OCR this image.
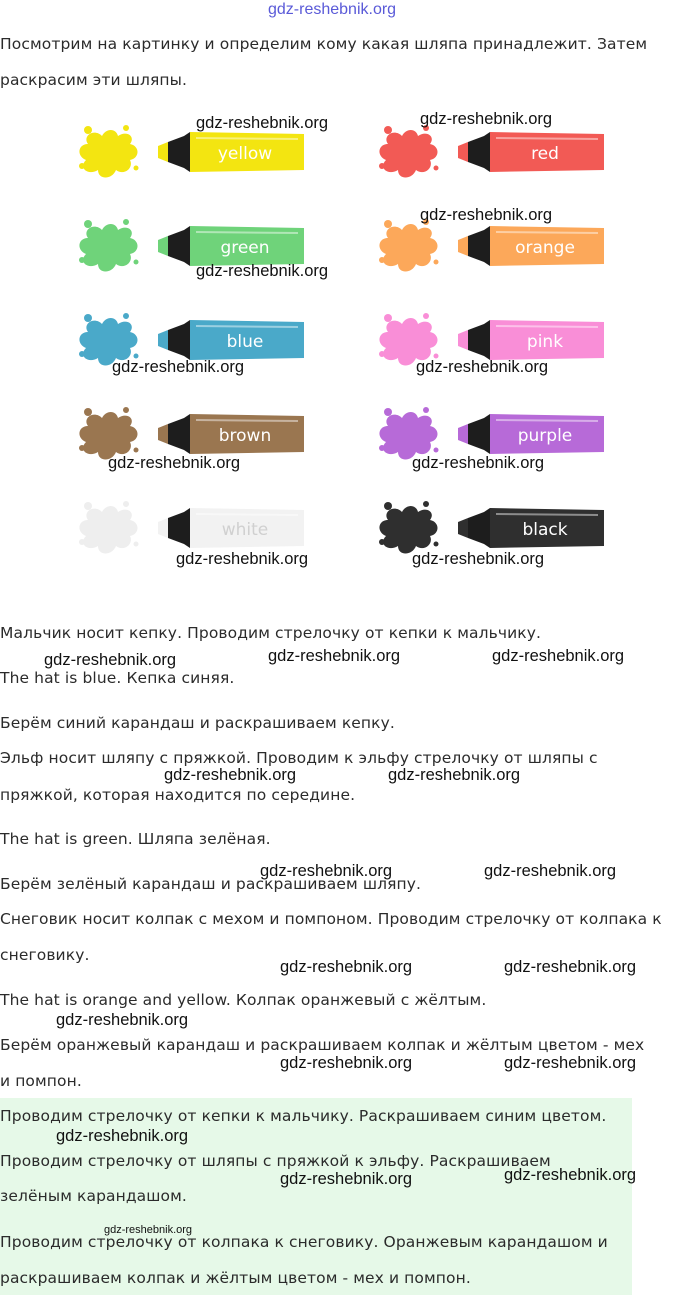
gdz-reshebnik.org
Посмотрим на картинку и определим кому какая шляпа принадлежит. Затем
раскрасим эти шляпы.
yellow	red
green	orange
blue	pink
brown	purple
white	black
Мальчик носит кепку. Проводим стрелочку от кепки к мальчику.
The hat is blue. Кепка синяя.
Берём синий карандаш и раскрашиваем кепку.
Эльф носит шляпу с пряжкой. Проводим к эльфу стрелочку от шляпы с
пряжкой, которая находится по середине.
The hat is green. Шляпа зелёная.
Берём зелёный карандаш и раскрашиваем шляпу.
Снеговик носит колпак с мехом и помпоном. Проводим стрелочку от колпака к
снеговику.
The hat is orange and yellow. Колпак оранжевый с жёлтым.
Берём оранжевый карандаш и раскрашиваем колпак и жёлтым цветом - мех
и помпон.
Проводим стрелочку от кепки к мальчику. Раскрашиваем синим цветом.
Проводим стрелочку от шляпы с пряжкой к эльфу. Раскрашиваем
зелёным карандашом.
Проводим стрелочку от колпака к снеговику. Оранжевым карандашом и
раскрашиваем колпак и жёлтым цветом - мех и помпон.
gdz-reshebnik.org	gdz-reshebnik.org
gdz-reshebnik.org
gdz-reshebnik.org
gdz-reshebnik.org	gdz-reshebnik.org
gdz-reshebnik.org	gdz-reshebnik.org
gdz-reshebnik.org	gdz-reshebnik.org
gdz-reshebnik.org	gdz-reshebnik.org	gdz-reshebnik.org
gdz-reshebnik.org	gdz-reshebnik.org
gdz-reshebnik.org	gdz-reshebnik.org
gdz-reshebnik.org	gdz-reshebnik.org
gdz-reshebnik.org
gdz-reshebnik.org	gdz-reshebnik.org
gdz-reshebnik.org
gdz-reshebnik.org	gdz-reshebnik.org
gdz-reshebnik.org
